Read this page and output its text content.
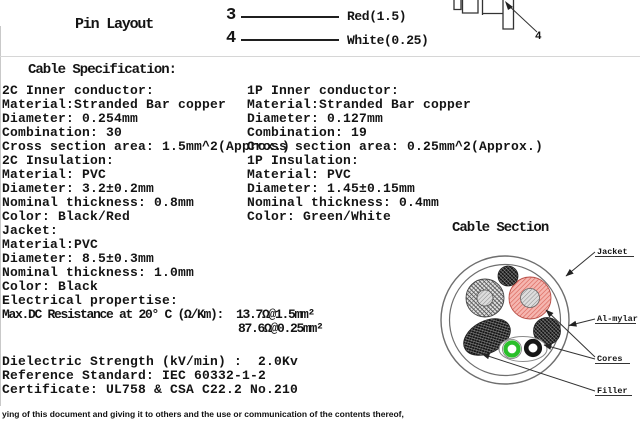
Pin Layout	3	Red(1.5)
4	White(0.25)	4
Cable Specification:
2C Inner conductor:
Material:Stranded Bar copper
Diameter: 0.254mm
Combination: 30
Cross section area: 1.5mm^2(Approx.)
2C Insulation:
Material: PVC
Diameter: 3.2±0.2mm
Nominal thickness: 0.8mm
Color: Black/Red
Jacket:
Material:PVC
Diameter: 8.5±0.3mm
Nominal thickness: 1.0mm
Color: Black
Electrical propertise:
Max.DC Resistance at 20° C (Ω/Km):  13.7Ω@1.5mm²
87.6Ω@0.25mm²
Dielectric Strength (kV/min) :  2.0Kv
Reference Standard: IEC 60332-1-2
Certificate: UL758 & CSA C22.2 No.210
1P Inner conductor:
Material:Stranded Bar copper
Diameter: 0.127mm
Combination: 19
Cross section area: 0.25mm^2(Approx.)
1P Insulation:
Material: PVC
Diameter: 1.45±0.15mm
Nominal thickness: 0.4mm
Color: Green/White
Cable Section
Jacket
Al-mylar
Cores
Filler
ying of this document and giving it to others and the use or communication of the contents thereof,
